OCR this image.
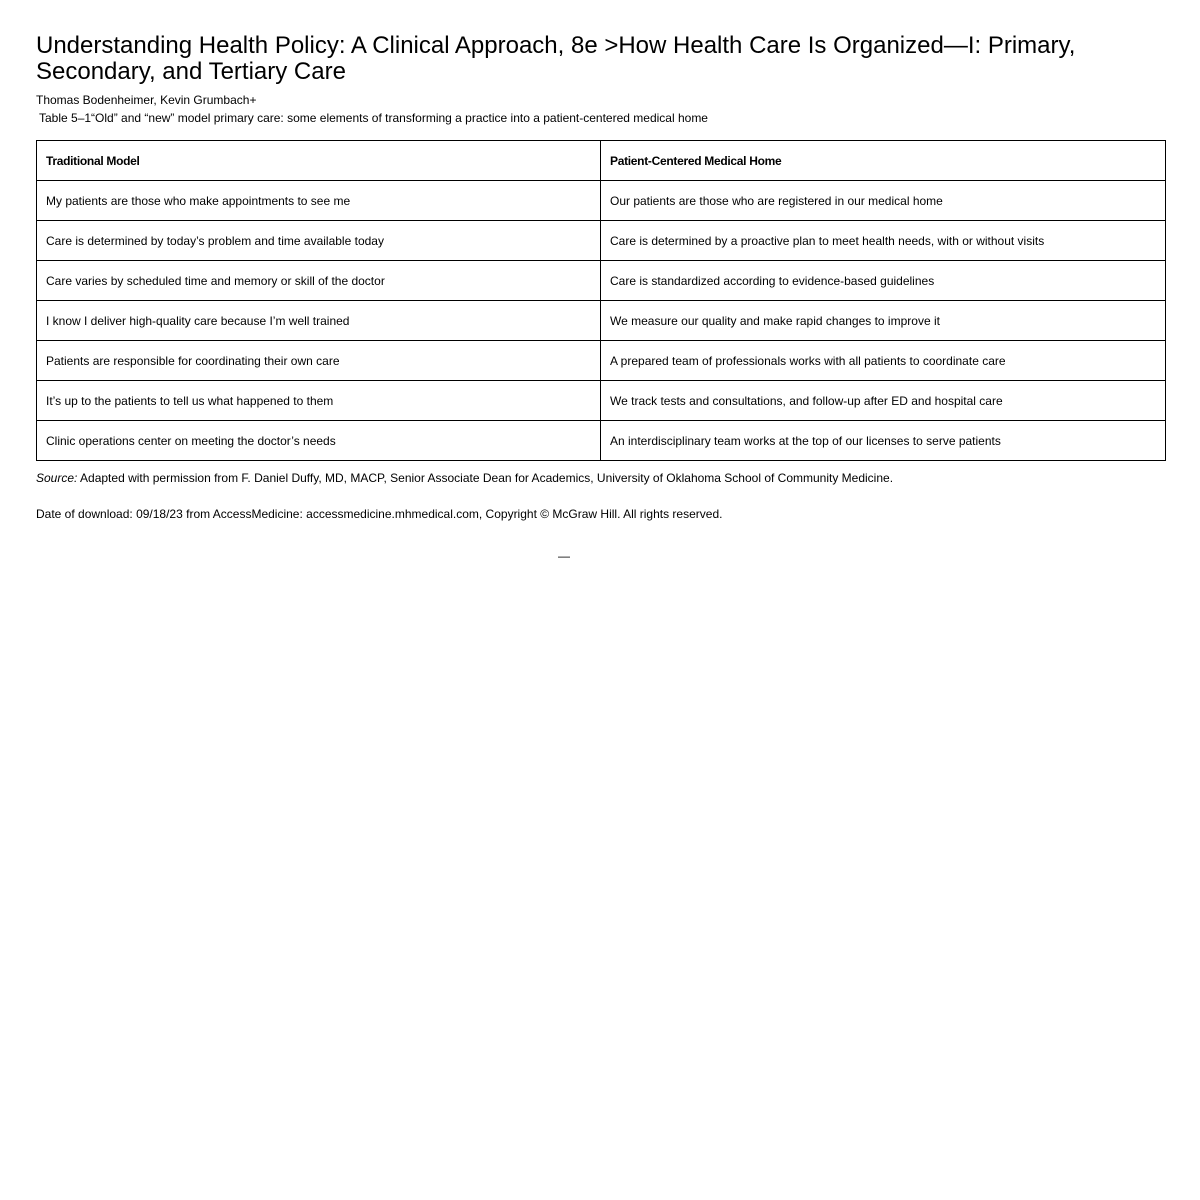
Understanding Health Policy: A Clinical Approach, 8e >How Health Care Is Organized—I: Primary, Secondary, and Tertiary Care
Thomas Bodenheimer, Kevin Grumbach+
Table 5–1“Old” and “new” model primary care: some elements of transforming a practice into a patient-centered medical home
Traditional Model	Patient-Centered Medical Home
My patients are those who make appointments to see me	Our patients are those who are registered in our medical home
Care is determined by today’s problem and time available today	Care is determined by a proactive plan to meet health needs, with or without visits
Care varies by scheduled time and memory or skill of the doctor	Care is standardized according to evidence-based guidelines
I know I deliver high-quality care because I’m well trained	We measure our quality and make rapid changes to improve it
Patients are responsible for coordinating their own care	A prepared team of professionals works with all patients to coordinate care
It’s up to the patients to tell us what happened to them	We track tests and consultations, and follow-up after ED and hospital care
Clinic operations center on meeting the doctor’s needs	An interdisciplinary team works at the top of our licenses to serve patients
Source: Adapted with permission from F. Daniel Duffy, MD, MACP, Senior Associate Dean for Academics, University of Oklahoma School of Community Medicine.
Date of download: 09/18/23 from AccessMedicine: accessmedicine.mhmedical.com, Copyright © McGraw Hill. All rights reserved.
—
